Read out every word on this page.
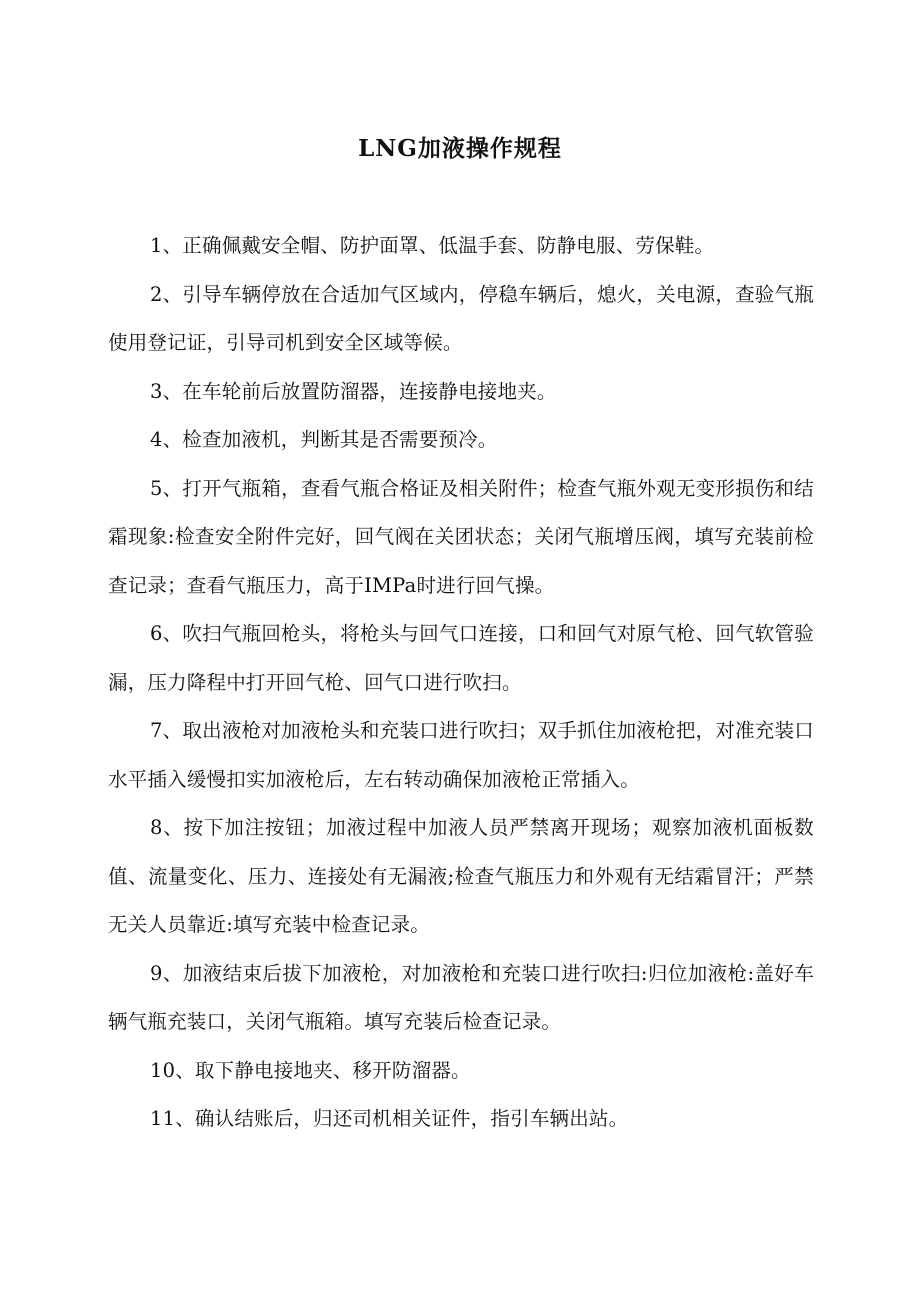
LNG加液操作规程

1、正确佩戴安全帽、防护面罩、低温手套、防静电服、劳保鞋。

2、引导车辆停放在合适加气区域内，停稳车辆后，熄火，关电源，查验气瓶使用登记证，引导司机到安全区域等候。

3、在车轮前后放置防溜器，连接静电接地夹。

4、检查加液机，判断其是否需要预冷。

5、打开气瓶箱，查看气瓶合格证及相关附件；检查气瓶外观无变形损伤和结霜现象:检查安全附件完好，回气阀在关团状态；关闭气瓶增压阀，填写充装前检查记录；查看气瓶压力，高于IMPa时进行回气操。

6、吹扫气瓶回枪头，将枪头与回气口连接，口和回气对原气枪、回气软管验漏，压力降程中打开回气枪、回气口进行吹扫。

7、取出液枪对加液枪头和充装口进行吹扫；双手抓住加液枪把，对准充装口水平插入缓慢扣实加液枪后，左右转动确保加液枪正常插入。

8、按下加注按钮；加液过程中加液人员严禁离开现场；观察加液机面板数值、流量变化、压力、连接处有无漏液;检查气瓶压力和外观有无结霜冒汗；严禁无关人员靠近:填写充装中检查记录。

9、加液结束后拔下加液枪，对加液枪和充装口进行吹扫:归位加液枪:盖好车辆气瓶充装口，关闭气瓶箱。填写充装后检查记录。

10、取下静电接地夹、移开防溜器。

11、确认结账后，归还司机相关证件，指引车辆出站。
